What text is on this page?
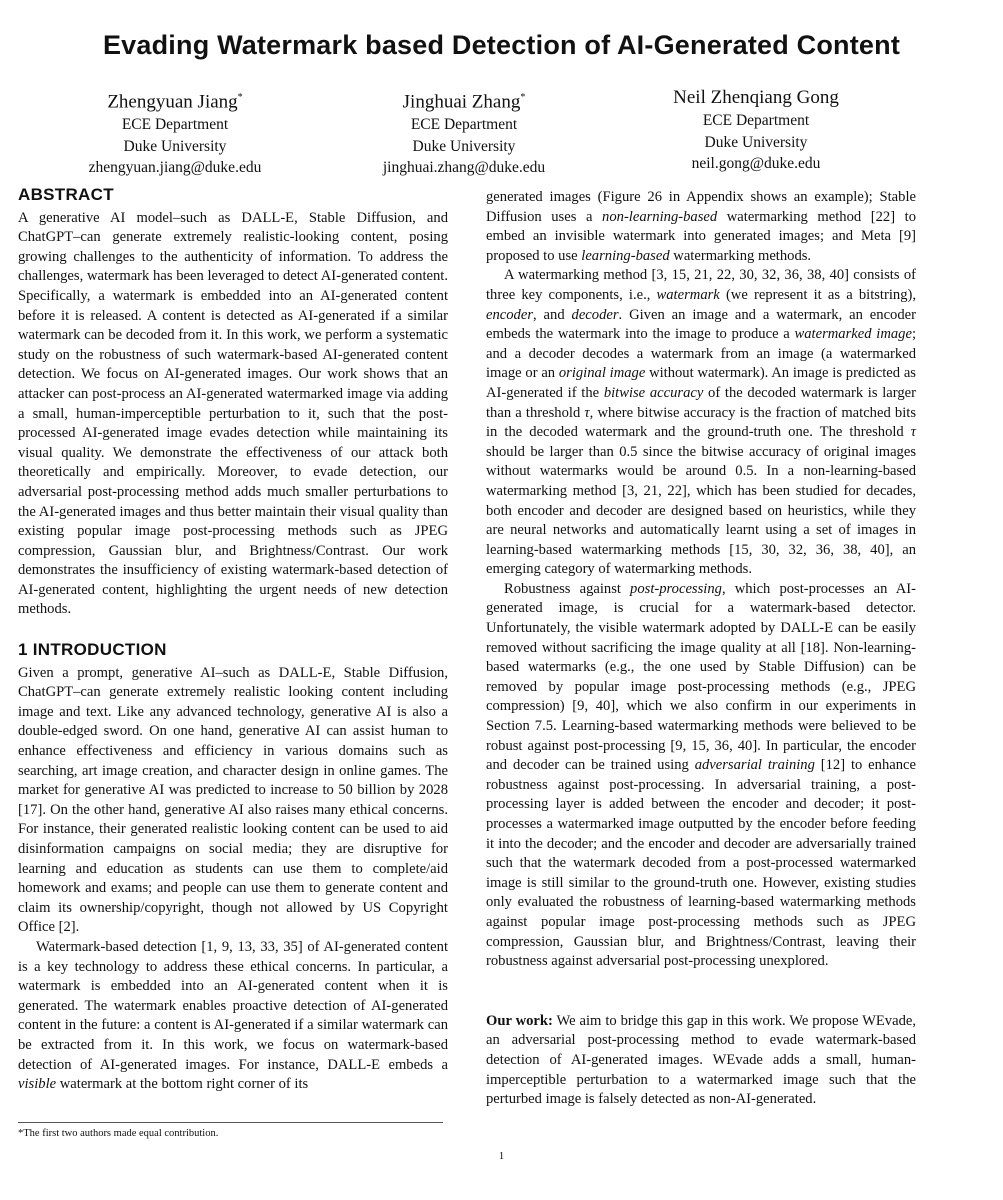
Evading Watermark based Detection of AI-Generated Content
Zhengyuan Jiang*
ECE Department
Duke University
zhengyuan.jiang@duke.edu
Jinghuai Zhang*
ECE Department
Duke University
jinghuai.zhang@duke.edu
Neil Zhenqiang Gong
ECE Department
Duke University
neil.gong@duke.edu
ABSTRACT

A generative AI model–such as DALL-E, Stable Diffusion, and ChatGPT–can generate extremely realistic-looking content, posing growing challenges to the authenticity of information. To address the challenges, watermark has been leveraged to detect AI-generated content. Specifically, a watermark is embedded into an AI-generated content before it is released. A content is detected as AI-generated if a similar watermark can be decoded from it. In this work, we perform a systematic study on the robustness of such watermark-based AI-generated content detection. We focus on AI-generated images. Our work shows that an attacker can post-process an AI-generated watermarked image via adding a small, human-imperceptible perturbation to it, such that the post-processed AI-generated image evades detection while maintaining its visual quality. We demonstrate the effectiveness of our attack both theoretically and empirically. Moreover, to evade detection, our adversarial post-processing method adds much smaller perturbations to the AI-generated images and thus better maintain their visual quality than existing popular image post-processing methods such as JPEG compression, Gaussian blur, and Brightness/Contrast. Our work demonstrates the insufficiency of existing watermark-based detection of AI-generated content, highlighting the urgent needs of new detection methods.

1 INTRODUCTION

Given a prompt, generative AI–such as DALL-E, Stable Diffusion, ChatGPT–can generate extremely realistic looking content including image and text. Like any advanced technology, generative AI is also a double-edged sword. On one hand, generative AI can assist human to enhance effectiveness and efficiency in various domains such as searching, art image creation, and character design in online games. The market for generative AI was predicted to increase to 50 billion by 2028 [17]. On the other hand, generative AI also raises many ethical concerns. For instance, their generated realistic looking content can be used to aid disinformation campaigns on social media; they are disruptive for learning and education as students can use them to complete/aid homework and exams; and people can use them to generate content and claim its ownership/copyright, though not allowed by US Copyright Office [2].

Watermark-based detection [1, 9, 13, 33, 35] of AI-generated content is a key technology to address these ethical concerns. In particular, a watermark is embedded into an AI-generated content when it is generated. The watermark enables proactive detection of AI-generated content in the future: a content is AI-generated if a similar watermark can be extracted from it. In this work, we focus on watermark-based detection of AI-generated images. For instance, DALL-E embeds a visible watermark at the bottom right corner of its

generated images (Figure 26 in Appendix shows an example); Stable Diffusion uses a non-learning-based watermarking method [22] to embed an invisible watermark into generated images; and Meta [9] proposed to use learning-based watermarking methods.

A watermarking method [3, 15, 21, 22, 30, 32, 36, 38, 40] consists of three key components, i.e., watermark (we represent it as a bitstring), encoder, and decoder. Given an image and a watermark, an encoder embeds the watermark into the image to produce a watermarked image; and a decoder decodes a watermark from an image (a watermarked image or an original image without watermark). An image is predicted as AI-generated if the bitwise accuracy of the decoded watermark is larger than a threshold τ, where bitwise accuracy is the fraction of matched bits in the decoded watermark and the ground-truth one. The threshold τ should be larger than 0.5 since the bitwise accuracy of original images without watermarks would be around 0.5. In a non-learning-based watermarking method [3, 21, 22], which has been studied for decades, both encoder and decoder are designed based on heuristics, while they are neural networks and automatically learnt using a set of images in learning-based watermarking methods [15, 30, 32, 36, 38, 40], an emerging category of watermarking methods.

Robustness against post-processing, which post-processes an AI-generated image, is crucial for a watermark-based detector. Unfortunately, the visible watermark adopted by DALL-E can be easily removed without sacrificing the image quality at all [18]. Non-learning-based watermarks (e.g., the one used by Stable Diffusion) can be removed by popular image post-processing methods (e.g., JPEG compression) [9, 40], which we also confirm in our experiments in Section 7.5. Learning-based watermarking methods were believed to be robust against post-processing [9, 15, 36, 40]. In particular, the encoder and decoder can be trained using adversarial training [12] to enhance robustness against post-processing. In adversarial training, a post-processing layer is added between the encoder and decoder; it post-processes a watermarked image outputted by the encoder before feeding it into the decoder; and the encoder and decoder are adversarially trained such that the watermark decoded from a post-processed watermarked image is still similar to the ground-truth one. However, existing studies only evaluated the robustness of learning-based watermarking methods against popular image post-processing methods such as JPEG compression, Gaussian blur, and Brightness/Contrast, leaving their robustness against adversarial post-processing unexplored.

Our work: We aim to bridge this gap in this work. We propose WEvade, an adversarial post-processing method to evade watermark-based detection of AI-generated images. WEvade adds a small, human-imperceptible perturbation to a watermarked image such that the perturbed image is falsely detected as non-AI-generated.

*The first two authors made equal contribution.
1
